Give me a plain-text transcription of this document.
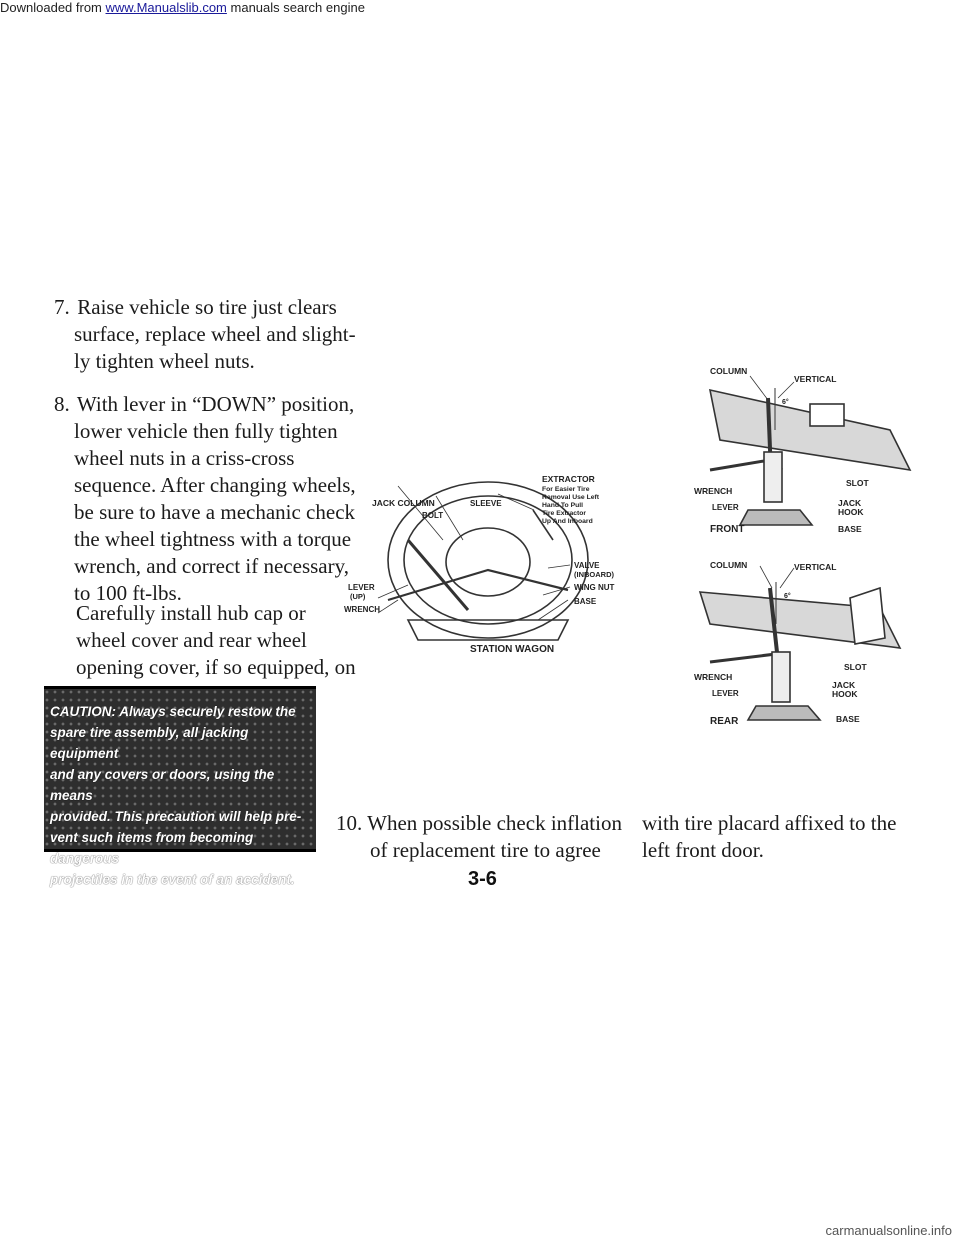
Downloaded from www.Manualslib.com manuals search engine
7. Raise vehicle so tire just clears
surface, replace wheel and slight-
ly tighten wheel nuts.
8. With lever in “DOWN” position,
lower vehicle then fully tighten
wheel nuts in a criss-cross
sequence. After changing wheels,
be sure to have a mechanic check
the wheel tightness with a torque
wrench, and correct if necessary,
to 100 ft-lbs.
Carefully install hub cap or
wheel cover and rear wheel
opening cover, if so equipped, on
CAUTION: Always securely restow the
spare tire assembly, all jacking equipment
and any covers or doors, using the means
provided. This precaution will help pre-
vent such items from becoming dangerous
projectiles in the event of an accident.
JACK COLUMN
BOLT
SLEEVE
EXTRACTOR
For Easier Tire
Removal Use Left
Hand To Pull
Tire Extractor
Up And Inboard
VALVE
(INBOARD)
WING NUT
BASE
LEVER
(UP)
WRENCH
STATION WAGON
COLUMN
VERTICAL
6°
SLOT
WRENCH
LEVER	JACK
HOOK
BASE
FRONT
COLUMN	VERTICAL
6°
SLOT
WRENCH
LEVER
JACK
HOOK
BASE
REAR
10. When possible check inflation
of replacement tire to agree
with tire placard affixed to the
left front door.
3-6
carmanualsonline.info
